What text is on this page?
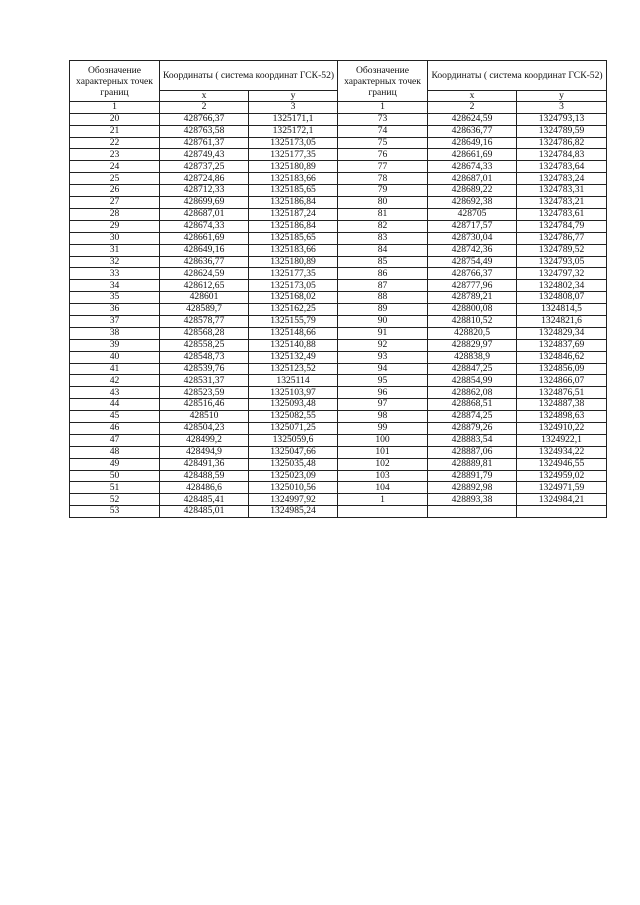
Обозначение характерных точек границ	Координаты ( система координат ГСК-52)		Обозначение характерных точек границ	Координаты ( система координат ГСК-52)	
	x	y		x	y
1	2	3	1	2	3
20	428766,37	1325171,1	73	428624,59	1324793,13
21	428763,58	1325172,1	74	428636,77	1324789,59
22	428761,37	1325173,05	75	428649,16	1324786,82
23	428749,43	1325177,35	76	428661,69	1324784,83
24	428737,25	1325180,89	77	428674,33	1324783,64
25	428724,86	1325183,66	78	428687,01	1324783,24
26	428712,33	1325185,65	79	428689,22	1324783,31
27	428699,69	1325186,84	80	428692,38	1324783,21
28	428687,01	1325187,24	81	428705	1324783,61
29	428674,33	1325186,84	82	428717,57	1324784,79
30	428661,69	1325185,65	83	428730,04	1324786,77
31	428649,16	1325183,66	84	428742,36	1324789,52
32	428636,77	1325180,89	85	428754,49	1324793,05
33	428624,59	1325177,35	86	428766,37	1324797,32
34	428612,65	1325173,05	87	428777,96	1324802,34
35	428601	1325168,02	88	428789,21	1324808,07
36	428589,7	1325162,25	89	428800,08	1324814,5
37	428578,77	1325155,79	90	428810,52	1324821,6
38	428568,28	1325148,66	91	428820,5	1324829,34
39	428558,25	1325140,88	92	428829,97	1324837,69
40	428548,73	1325132,49	93	428838,9	1324846,62
41	428539,76	1325123,52	94	428847,25	1324856,09
42	428531,37	1325114	95	428854,99	1324866,07
43	428523,59	1325103,97	96	428862,08	1324876,51
44	428516,46	1325093,48	97	428868,51	1324887,38
45	428510	1325082,55	98	428874,25	1324898,63
46	428504,23	1325071,25	99	428879,26	1324910,22
47	428499,2	1325059,6	100	428883,54	1324922,1
48	428494,9	1325047,66	101	428887,06	1324934,22
49	428491,36	1325035,48	102	428889,81	1324946,55
50	428488,59	1325023,09	103	428891,79	1324959,02
51	428486,6	1325010,56	104	428892,98	1324971,59
52	428485,41	1324997,92	1	428893,38	1324984,21
53	428485,01	1324985,24			
